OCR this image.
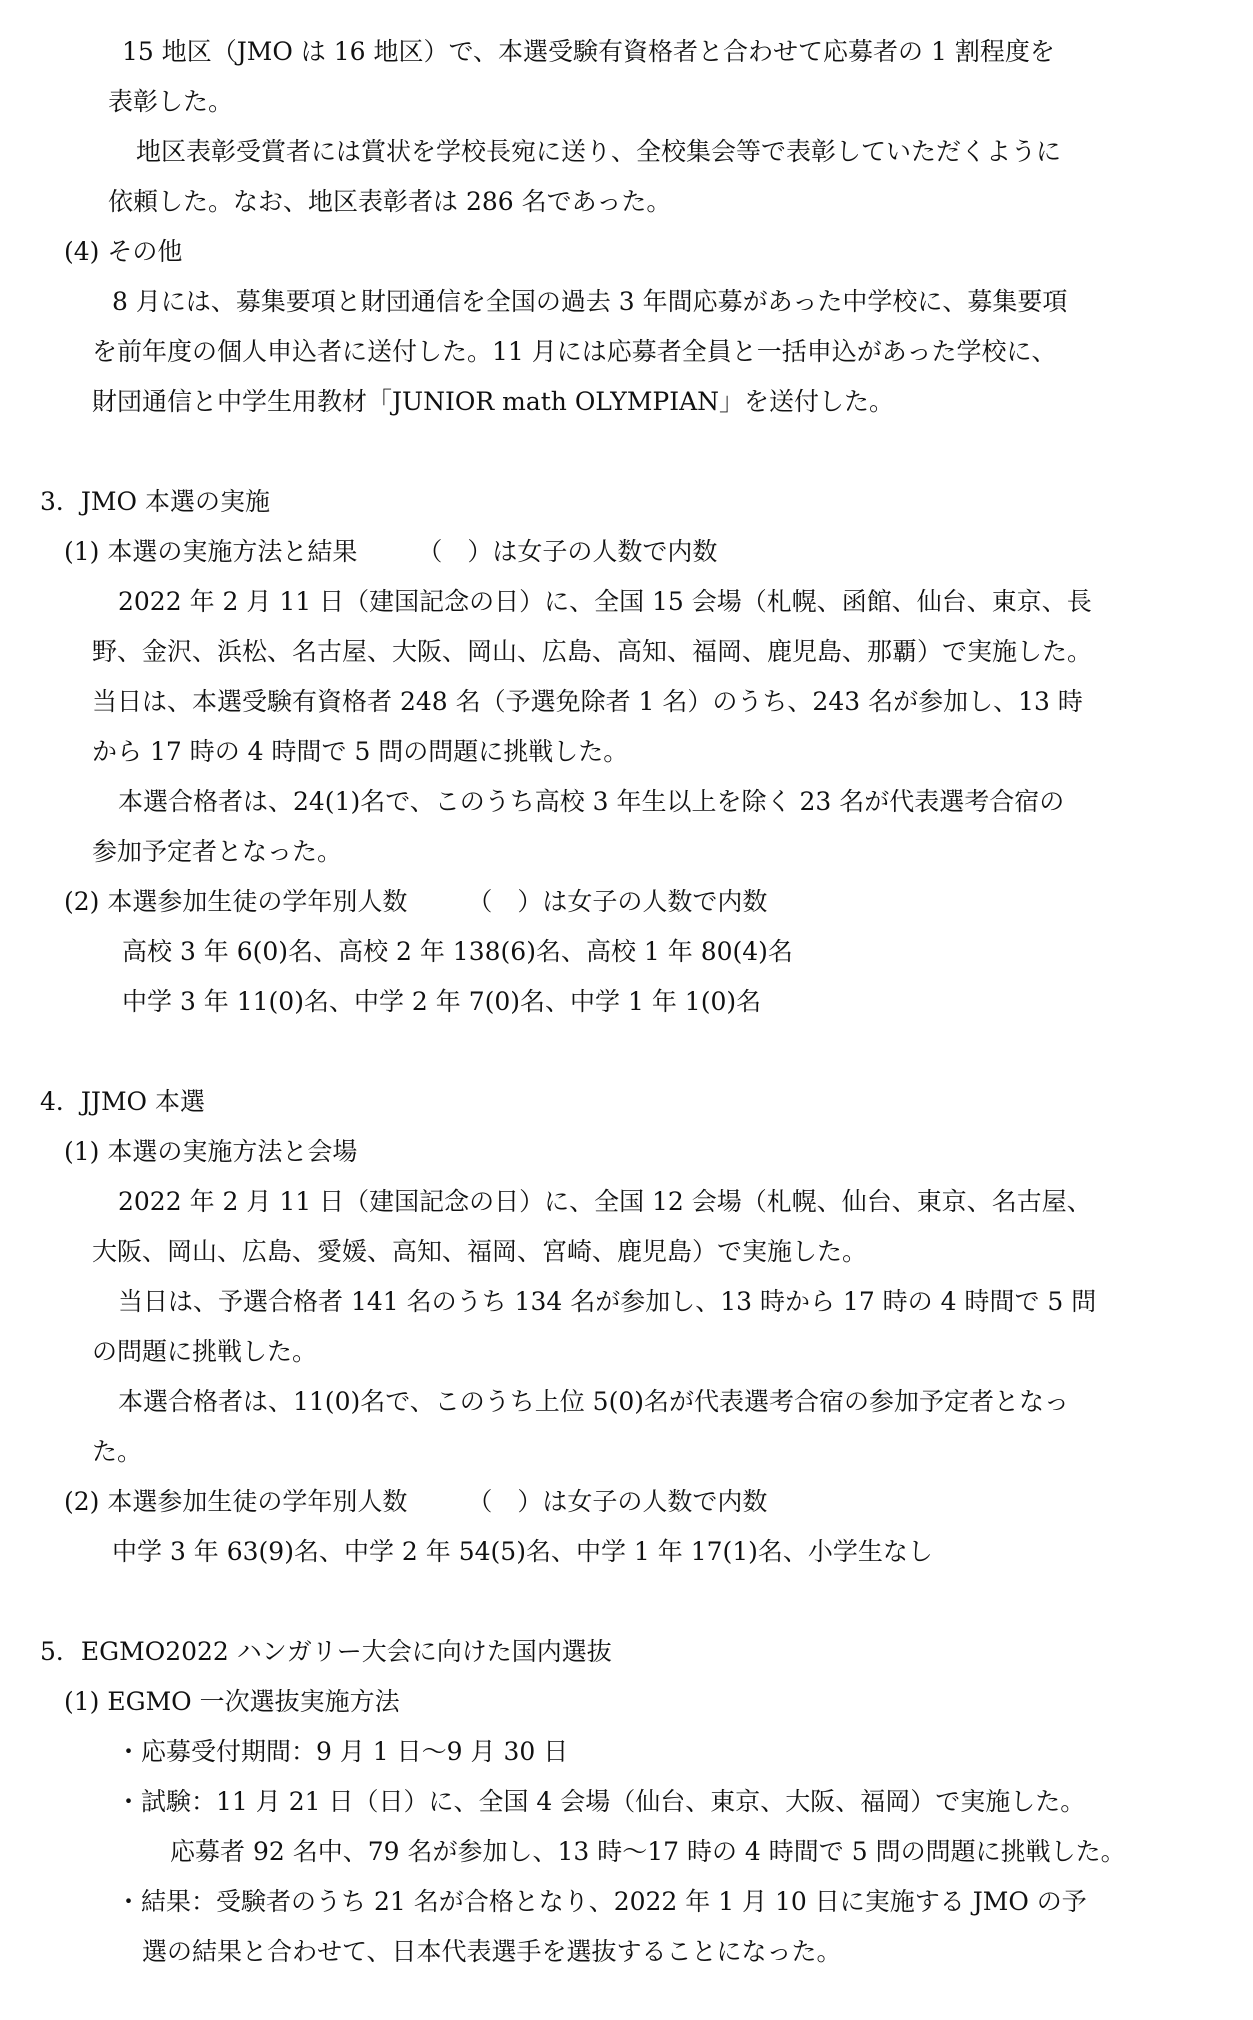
15 地区（JMO は 16 地区）で、本選受験有資格者と合わせて応募者の 1 割程度を
表彰した。
地区表彰受賞者には賞状を学校長宛に送り、全校集会等で表彰していただくように
依頼した。なお、地区表彰者は 286 名であった。
(4) その他
8 月には、募集要項と財団通信を全国の過去 3 年間応募があった中学校に、募集要項
を前年度の個人申込者に送付した。11 月には応募者全員と一括申込があった学校に、
財団通信と中学生用教材「JUNIOR math OLYMPIAN」を送付した。
3．JMO 本選の実施
(1) 本選の実施方法と結果 （　）は女子の人数で内数
2022 年 2 月 11 日（建国記念の日）に、全国 15 会場（札幌、函館、仙台、東京、長
野、金沢、浜松、名古屋、大阪、岡山、広島、高知、福岡、鹿児島、那覇）で実施した。
当日は、本選受験有資格者 248 名（予選免除者 1 名）のうち、243 名が参加し、13 時
から 17 時の 4 時間で 5 問の問題に挑戦した。
本選合格者は、24(1)名で、このうち高校 3 年生以上を除く 23 名が代表選考合宿の
参加予定者となった。
(2) 本選参加生徒の学年別人数 （　）は女子の人数で内数
高校 3 年 6(0)名、高校 2 年 138(6)名、高校 1 年 80(4)名
中学 3 年 11(0)名、中学 2 年 7(0)名、中学 1 年 1(0)名
4．JJMO 本選
(1) 本選の実施方法と会場
2022 年 2 月 11 日（建国記念の日）に、全国 12 会場（札幌、仙台、東京、名古屋、
大阪、岡山、広島、愛媛、高知、福岡、宮崎、鹿児島）で実施した。
当日は、予選合格者 141 名のうち 134 名が参加し、13 時から 17 時の 4 時間で 5 問
の問題に挑戦した。
本選合格者は、11(0)名で、このうち上位 5(0)名が代表選考合宿の参加予定者となっ
た。
(2) 本選参加生徒の学年別人数 （　）は女子の人数で内数
中学 3 年 63(9)名、中学 2 年 54(5)名、中学 1 年 17(1)名、小学生なし
5．EGMO2022 ハンガリー大会に向けた国内選抜
(1) EGMO 一次選抜実施方法
・応募受付期間：9 月 1 日～9 月 30 日
・試験：11 月 21 日（日）に、全国 4 会場（仙台、東京、大阪、福岡）で実施した。
応募者 92 名中、79 名が参加し、13 時～17 時の 4 時間で 5 問の問題に挑戦した。
・結果：受験者のうち 21 名が合格となり、2022 年 1 月 10 日に実施する JMO の予
選の結果と合わせて、日本代表選手を選抜することになった。
